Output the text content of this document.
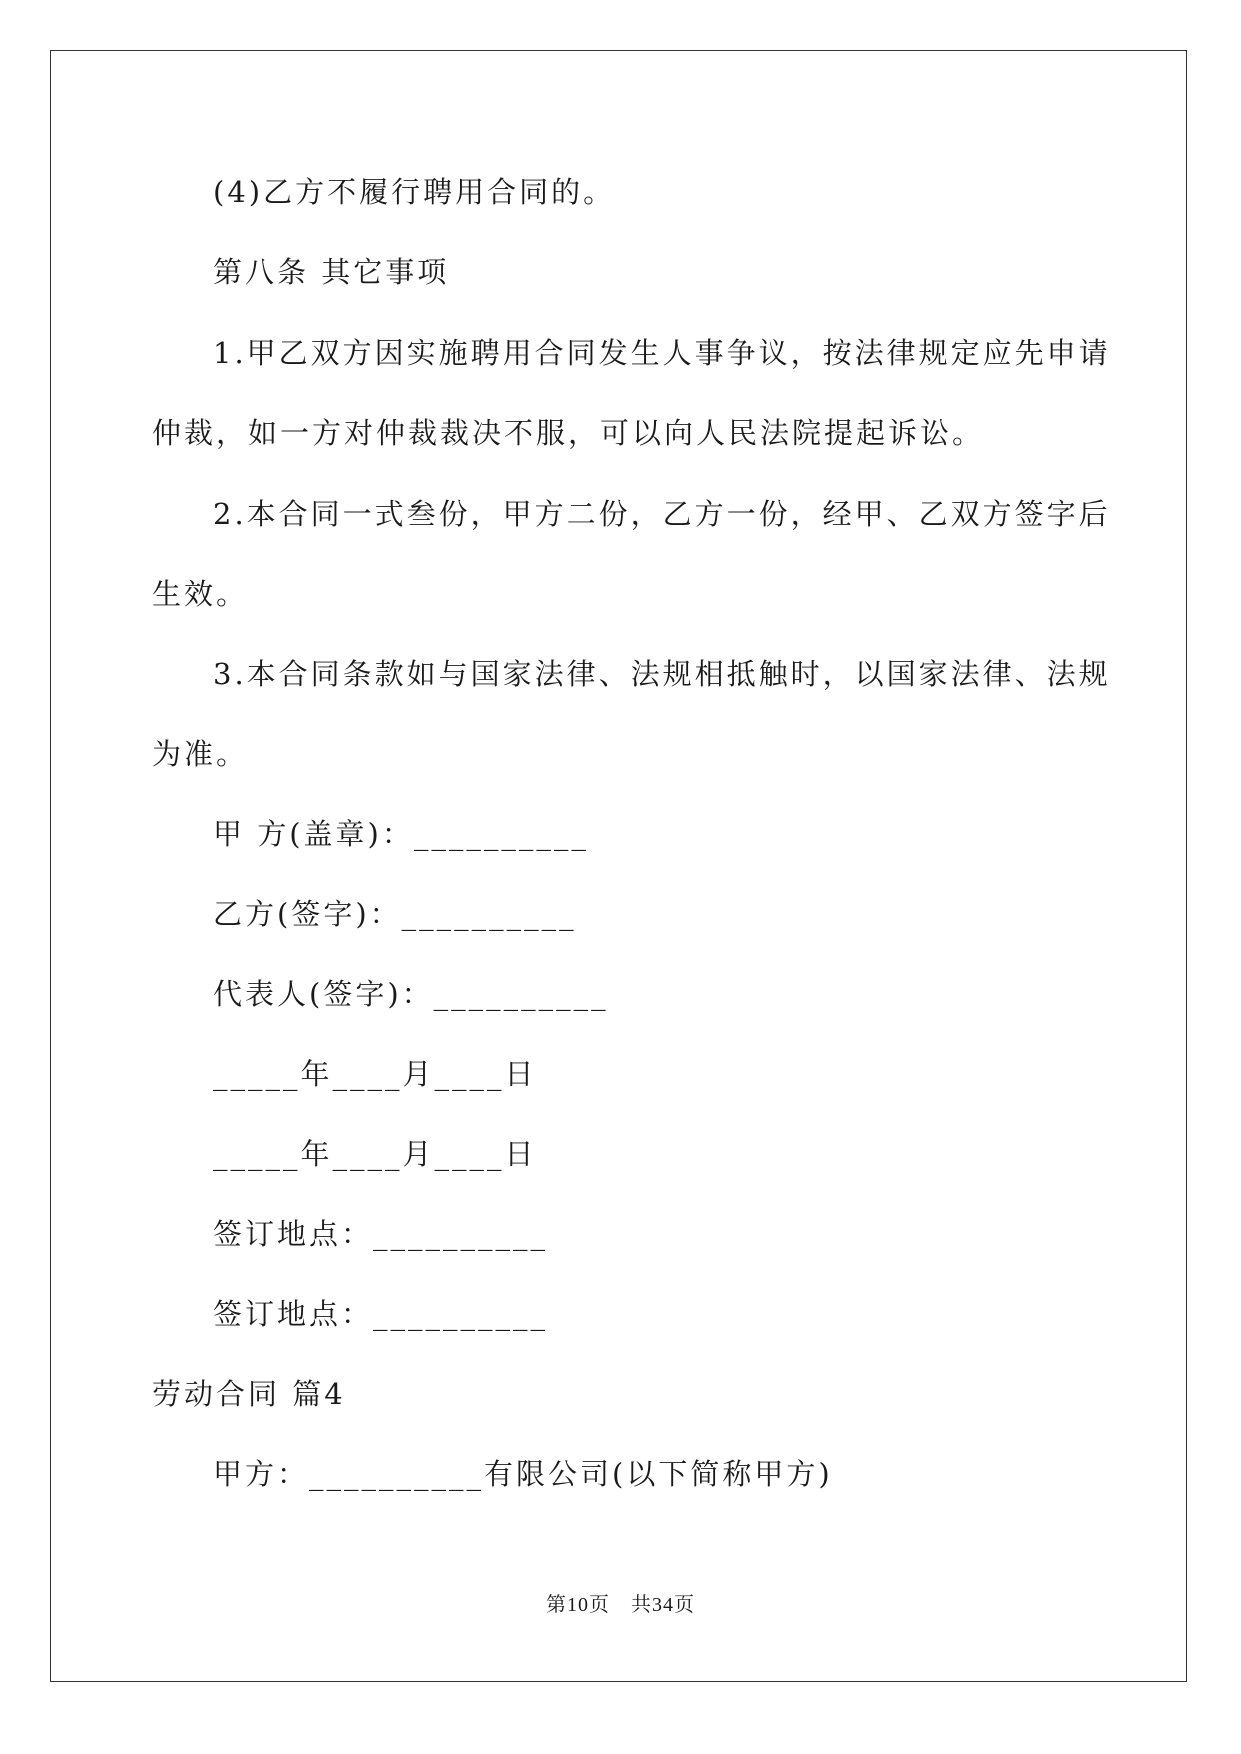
(4)乙方不履行聘用合同的。
第八条 其它事项
1.甲乙双方因实施聘用合同发生人事争议，按法律规定应先申请
仲裁，如一方对仲裁裁决不服，可以向人民法院提起诉讼。
2.本合同一式叁份，甲方二份，乙方一份，经甲、乙双方签字后
生效。
3.本合同条款如与国家法律、法规相抵触时，以国家法律、法规
为准。
甲 方(盖章)：__________
乙方(签字)：__________
代表人(签字)：__________
_____年____月____日
_____年____月____日
签订地点：__________
签订地点：__________
劳动合同 篇4
甲方：__________有限公司(以下简称甲方)
第10页　共34页
